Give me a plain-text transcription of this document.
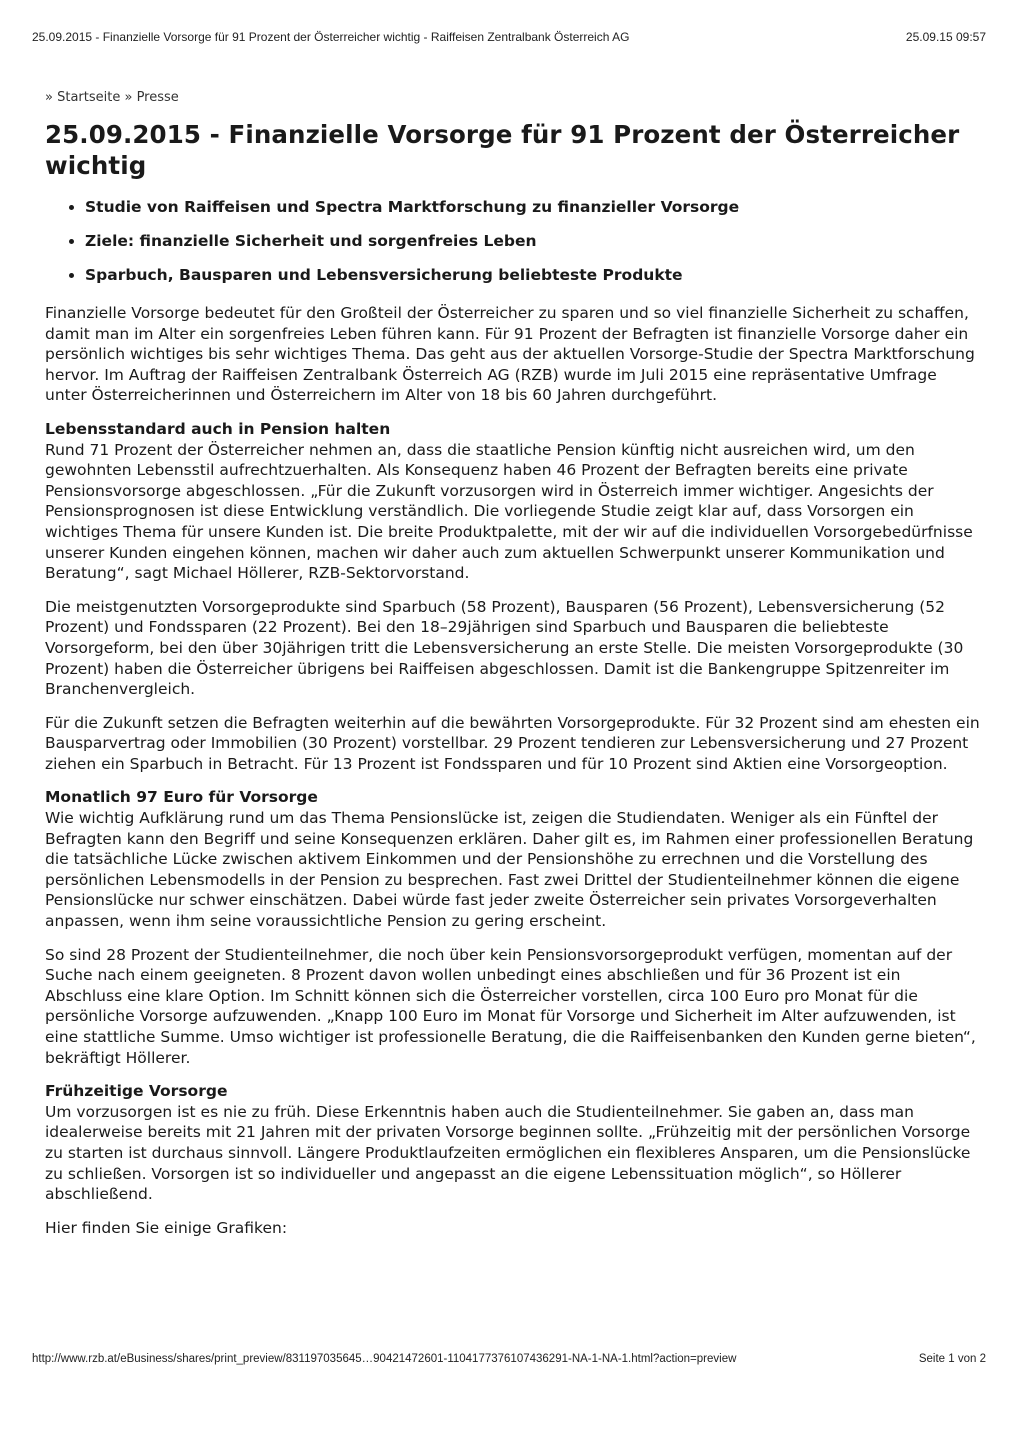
25.09.2015 - Finanzielle Vorsorge für 91 Prozent der Österreicher wichtig - Raiffeisen Zentralbank Österreich AG	25.09.15 09:57
» Startseite » Presse
25.09.2015 - Finanzielle Vorsorge für 91 Prozent der Österreicher wichtig
• Studie von Raiffeisen und Spectra Marktforschung zu finanzieller Vorsorge
• Ziele: finanzielle Sicherheit und sorgenfreies Leben
• Sparbuch, Bausparen und Lebensversicherung beliebteste Produkte

Finanzielle Vorsorge bedeutet für den Großteil der Österreicher zu sparen und so viel finanzielle Sicherheit zu schaffen, damit man im Alter ein sorgenfreies Leben führen kann. Für 91 Prozent der Befragten ist finanzielle Vorsorge daher ein persönlich wichtiges bis sehr wichtiges Thema. Das geht aus der aktuellen Vorsorge-Studie der Spectra Marktforschung hervor. Im Auftrag der Raiffeisen Zentralbank Österreich AG (RZB) wurde im Juli 2015 eine repräsentative Umfrage unter Österreicherinnen und Österreichern im Alter von 18 bis 60 Jahren durchgeführt.

Lebensstandard auch in Pension halten

Rund 71 Prozent der Österreicher nehmen an, dass die staatliche Pension künftig nicht ausreichen wird, um den gewohnten Lebensstil aufrechtzuerhalten. Als Konsequenz haben 46 Prozent der Befragten bereits eine private Pensionsvorsorge abgeschlossen. „Für die Zukunft vorzusorgen wird in Österreich immer wichtiger. Angesichts der Pensionsprognosen ist diese Entwicklung verständlich. Die vorliegende Studie zeigt klar auf, dass Vorsorgen ein wichtiges Thema für unsere Kunden ist. Die breite Produktpalette, mit der wir auf die individuellen Vorsorgebedürfnisse unserer Kunden eingehen können, machen wir daher auch zum aktuellen Schwerpunkt unserer Kommunikation und Beratung“, sagt Michael Höllerer, RZB-Sektorvorstand.

Die meistgenutzten Vorsorgeprodukte sind Sparbuch (58 Prozent), Bausparen (56 Prozent), Lebensversicherung (52 Prozent) und Fondssparen (22 Prozent). Bei den 18–29jährigen sind Sparbuch und Bausparen die beliebteste Vorsorgeform, bei den über 30jährigen tritt die Lebensversicherung an erste Stelle. Die meisten Vorsorgeprodukte (30 Prozent) haben die Österreicher übrigens bei Raiffeisen abgeschlossen. Damit ist die Bankengruppe Spitzenreiter im Branchenvergleich.

Für die Zukunft setzen die Befragten weiterhin auf die bewährten Vorsorgeprodukte. Für 32 Prozent sind am ehesten ein Bausparvertrag oder Immobilien (30 Prozent) vorstellbar. 29 Prozent tendieren zur Lebensversicherung und 27 Prozent ziehen ein Sparbuch in Betracht. Für 13 Prozent ist Fondssparen und für 10 Prozent sind Aktien eine Vorsorgeoption.

Monatlich 97 Euro für Vorsorge

Wie wichtig Aufklärung rund um das Thema Pensionslücke ist, zeigen die Studiendaten. Weniger als ein Fünftel der Befragten kann den Begriff und seine Konsequenzen erklären. Daher gilt es, im Rahmen einer professionellen Beratung die tatsächliche Lücke zwischen aktivem Einkommen und der Pensionshöhe zu errechnen und die Vorstellung des persönlichen Lebensmodells in der Pension zu besprechen. Fast zwei Drittel der Studienteilnehmer können die eigene Pensionslücke nur schwer einschätzen. Dabei würde fast jeder zweite Österreicher sein privates Vorsorgeverhalten anpassen, wenn ihm seine voraussichtliche Pension zu gering erscheint.

So sind 28 Prozent der Studienteilnehmer, die noch über kein Pensionsvorsorgeprodukt verfügen, momentan auf der Suche nach einem geeigneten. 8 Prozent davon wollen unbedingt eines abschließen und für 36 Prozent ist ein Abschluss eine klare Option. Im Schnitt können sich die Österreicher vorstellen, circa 100 Euro pro Monat für die persönliche Vorsorge aufzuwenden. „Knapp 100 Euro im Monat für Vorsorge und Sicherheit im Alter aufzuwenden, ist eine stattliche Summe. Umso wichtiger ist professionelle Beratung, die die Raiffeisenbanken den Kunden gerne bieten“, bekräftigt Höllerer.

Frühzeitige Vorsorge

Um vorzusorgen ist es nie zu früh. Diese Erkenntnis haben auch die Studienteilnehmer. Sie gaben an, dass man idealerweise bereits mit 21 Jahren mit der privaten Vorsorge beginnen sollte. „Frühzeitig mit der persönlichen Vorsorge zu starten ist durchaus sinnvoll. Längere Produktlaufzeiten ermöglichen ein flexibleres Ansparen, um die Pensionslücke zu schließen. Vorsorgen ist so individueller und angepasst an die eigene Lebenssituation möglich“, so Höllerer abschließend.

Hier finden Sie einige Grafiken:

http://www.rzb.at/eBusiness/shares/print_preview/831197035645…90421472601-1104177376107436291-NA-1-NA-1.html?action=preview	Seite 1 von 2
